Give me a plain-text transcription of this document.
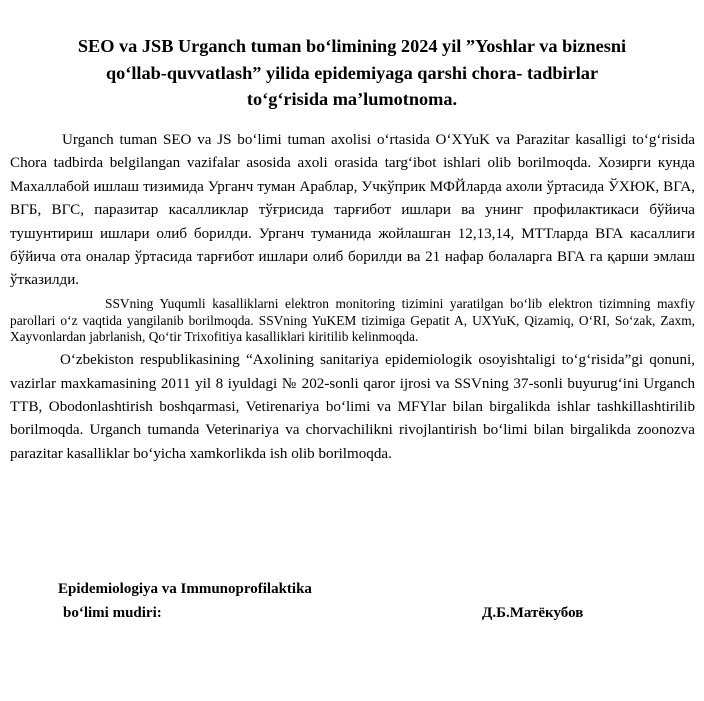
SEO va JSB Urganch tuman bo‘limining 2024 yil ”Yoshlar va biznesni
qo‘llab-quvvatlash” yilida epidemiyaga qarshi chora- tadbirlar
to‘g‘risida ma’lumotnoma.

Urganch tuman SEO va JS bo‘limi tuman axolisi o‘rtasida O‘XYuK va Parazitar kasalligi to‘g‘risida Chora tadbirda belgilangan vazifalar asosida axoli orasida targ‘ibot ishlari olib borilmoqda. Хозирги кунда Махаллабой ишлаш тизимида Урганч туман Араблар, Учкўприк МФЙларда ахоли ўртасида ЎХЮК, ВГА, ВГБ, ВГС, паразитар касалликлар тўғрисида тарғибот ишлари ва унинг профилактикаси бўйича тушунтириш ишлари олиб борилди. Урганч туманида жойлашган 12,13,14, МТТларда ВГА касаллиги бўйича ота оналар ўртасида тарғибот ишлари олиб борилди ва 21 нафар болаларга ВГА га қарши эмлаш ўтказилди.

SSVning Yuqumli kasalliklarni elektron monitoring tizimini yaratilgan bo‘lib elektron tizimning maxfiy parollari o‘z vaqtida yangilanib borilmoqda. SSVning YuKEM tizimiga Gepatit A, UXYuK, Qizamiq, O‘RI, So‘zak, Zaxm, Xayvonlardan jabrlanish, Qo‘tir Trixofitiya kasalliklari kiritilib kelinmoqda.

O‘zbekiston respublikasining “Axolining sanitariya epidemiologik osoyishtaligi to‘g‘risida”gi qonuni, vazirlar maxkamasining 2011 yil 8 iyuldagi № 202-sonli qaror ijrosi va SSVning 37-sonli buyurug‘ini Urganch TTB, Obodonlashtirish boshqarmasi, Vetirenariya bo‘limi va MFYlar bilan birgalikda ishlar tashkillashtirilib borilmoqda. Urganch tumanda Veterinariya va chorvachilikni rivojlantirish bo‘limi bilan birgalikda zoonozva parazitar kasalliklar bo‘yicha xamkorlikda ish olib borilmoqda.

Epidemiologiya va Immunoprofilaktika
bo‘limi mudiri:	Д.Б.Матёкубов
